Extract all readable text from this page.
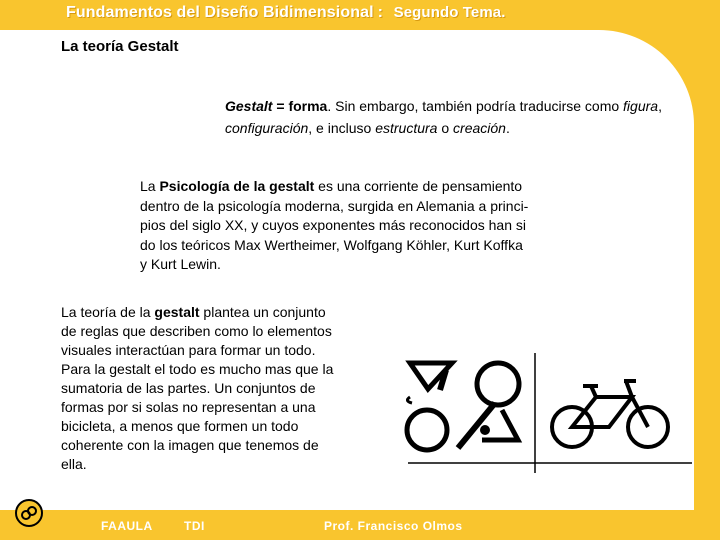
Fundamentos del Diseño Bidimensional : Segundo Tema.
La teoría Gestalt
Gestalt = forma. Sin embargo, también podría traducirse como figura, configuración, e incluso estructura o creación.
La Psicología de la gestalt es una corriente de pensamiento
dentro de la psicología moderna, surgida en Alemania a princi-
pios del siglo XX, y cuyos exponentes más reconocidos han si
do los teóricos Max Wertheimer, Wolfgang Köhler, Kurt Koffka
y Kurt Lewin.
La teoría de la gestalt plantea un conjunto
de reglas que describen como lo elementos
visuales interactúan para formar un todo.
Para la gestalt el todo es mucho mas que la
sumatoria de las partes. Un conjuntos de
formas por si solas no representan a una
bicicleta, a menos que formen un todo
coherente con la imagen que tenemos de
ella.
FAAULA	TDI	Prof. Francisco Olmos
